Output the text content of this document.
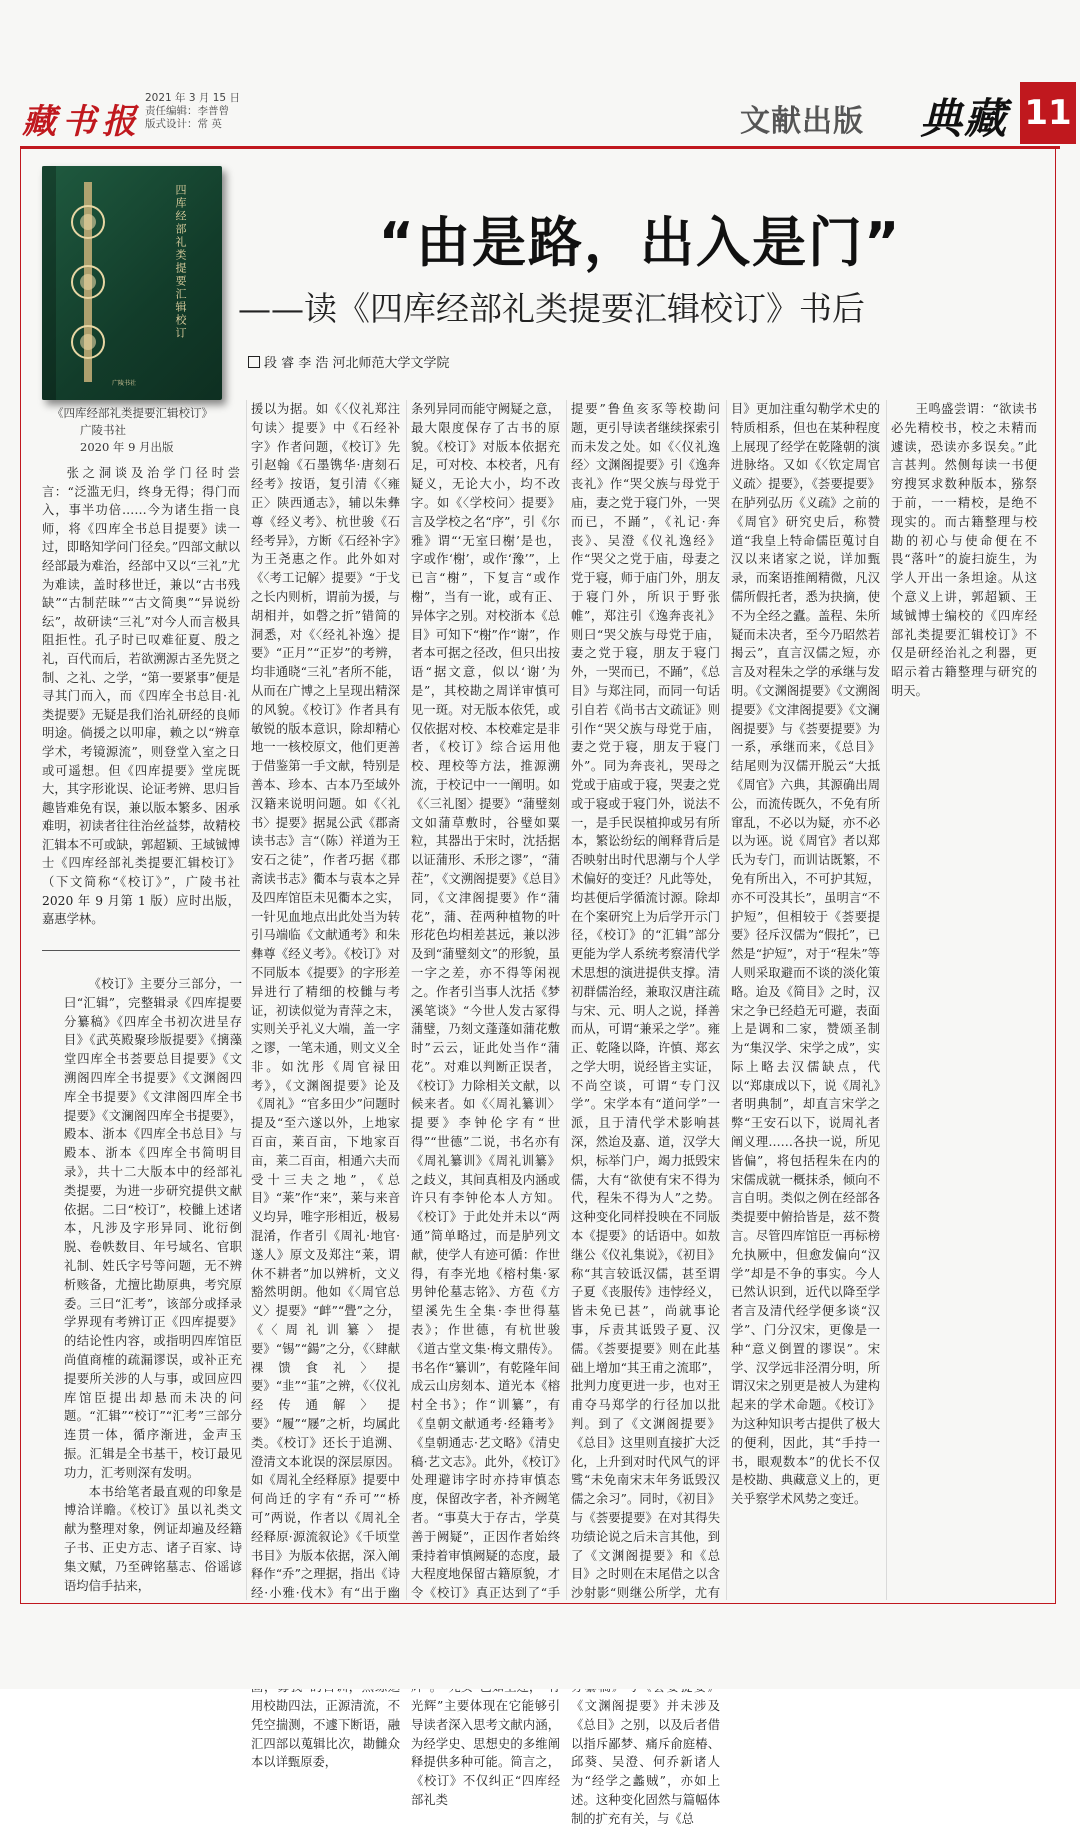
藏书报
2021 年 3 月 15 日
责任编辑：李普曾
版式设计：常 英	文献出版 典藏 11
四库经部礼类提要汇辑校订
广陵书社
“由是路，出入是门”
——读《四库经部礼类提要汇辑校订》书后
段 睿 李 浩 河北师范大学文学院
《四库经部礼类提要汇辑校订》
广陵书社
2020 年 9 月出版
张之洞谈及治学门径时尝言：“泛滥无归，终身无得；得门而入，事半功倍……今为诸生指一良师，将《四库全书总目提要》读一过，即略知学问门径矣。”四部文献以经部最为难治，经部中又以“三礼”尤为难读，盖时移世迁，兼以“古书残缺”“古制茫昧”“古文简奥”“异说纷纭”，故研读“三礼”对今人而言极具阻拒性。孔子时已叹难征夏、殷之礼，百代而后，若欲溯源古圣先贤之制、之礼、之学，“第一要紧事”便是寻其门而入，而《四库全书总目·礼类提要》无疑是我们治礼研经的良师明途。倘援之以叩扉，赖之以“辨章学术，考镜源流”，则登堂入室之日或可遥想。但《四库提要》堂庑既大，其字形讹误、论证考辨、思归旨趣皆难免有误，兼以版本繁多、困承难明，初读者往往治丝益棼，故精校汇辑本不可或缺，郭超颖、王域铖博士《四库经部礼类提要汇辑校订》（下文简称“《校订》”，广陵书社 2020 年 9 月第 1 版）应时出版，嘉惠学林。

《校订》主要分三部分，一曰“汇辑”，完整辑录《四库提要分纂稿》《四库全书初次进呈存目》《武英殿聚珍版提要》《摛藻堂四库全书荟要总目提要》《文溯阁四库全书提要》《文渊阁四库全书提要》《文津阁四库全书提要》《文澜阁四库全书提要》，殿本、浙本《四库全书总目》与殿本、浙本《四库全书简明目录》，共十二大版本中的经部礼类提要，为进一步研究提供文献依据。二曰“校订”，校雠上述诸本，凡涉及字形异同、讹衍倒脱、卷帙数目、年号域名、官职礼制、姓氏字号等问题，无不辨析赅备，尤擅比勘原典，考究原委。三曰“汇考”，该部分或择录学界现有考辨订正《四库提要》的结论性内容，或指明四库馆臣尚值商榷的疏漏谬误，或补正充提要所关涉的人与事，或回应四库馆臣提出却悬而未决的问题。“汇辑”“校订”“汇考”三部分连贯一体，循序渐进，金声玉振。汇辑是全书基干，校订最见功力，汇考则深有发明。

本书给笔者最直观的印象是博洽详瞻。《校订》虽以礼类文献为整理对象，例证却遍及经籍子书、正史方志、诸子百家、诗集文赋，乃至碑铭墓志、俗谣谚语均信手拈来，

援以为据。如《〈仪礼郑注句读〉提要》中《石经补字》作者问题，《校订》先引赵翰《石墨镌华·唐刻石经考》按语，复引清《〈雍正〉陕西通志》，辅以朱彝尊《经义考》、杭世骏《石经考异》，方断《石经补字》为王尧惠之作。此外如对《〈考工记解〉提要》“于戈之长内则析，谓前为援，与胡相并，如磬之折”错简的洞悉，对《〈经礼补逸〉提要》“正月”“正岁”的考辨，均非通晓“三礼”者所不能，从而在广博之上呈现出精深的风貌。《校订》作者具有敏锐的版本意识，除却精心地一一核校原文，他们更善于借鉴第一手文献，特别是善本、珍本、古本乃至域外汉籍来说明问题。如《〈礼书〉提要》据晁公武《郡斋读书志》言“（陈）祥道为王安石之徒”，作者巧据《郡斋读书志》衢本与袁本之异及四库馆臣未见衢本之实，一针见血地点出此处当为转引马端临《文献通考》和朱彝尊《经义考》。《校订》对不同版本《提要》的字形差异进行了精细的校雠与考证，初读似觉为青萍之末，实则关乎礼义大端，盖一字之谬，一笔未通，则文义全非。如沈彤《周官禄田考》，《文渊阁提要》论及《周礼》“官多田少”问题时提及“至六遂以外，上地家百亩，莱百亩，下地家百亩，莱二百亩，相通六夫而受十三夫之地”，《总目》“莱”作“来”，莱与来音义均异，唯字形相近，极易混淆，作者引《周礼·地官·遂人》原文及郑注“莱，谓休不耕者”加以辨析，文义豁然明朗。他如《〈周官总义〉提要》“衅”“舋”之分，《〈周礼训纂〉提要》“锡”“鍚”之分，《〈肆献裸馈食礼〉提要》“韭”“韮”之辨，《〈仪礼经传通解〉提要》“履”“屦”之析，均属此类。《校订》还长于追溯、澄清文本讹误的深层原因。如《周礼全经释原》提要中何尚迁的字有“乔可”“桥可”两说，作者以《周礼全经释原·源流叙论》《千顷堂书目》为版本依据，深入阐释作“乔”之理据，指出《诗经·小雅·伐木》有“出于幽

用校勘四法，正源清流，不凭空揣测，不遽下断语，融汇四部以蒐辑比次，勘雠众本以详甄原委，

条列异同而能守阙疑之意，最大限度保存了古书的原貌。《校订》对版本依据充足，可对校、本校者，凡有疑义，无论大小，均不改字。如《〈学校问〉提要》言及学校之名“序”，引《尔雅》谓“‘无室曰榭’是也，字或作‘榭’，或作‘豫’”，上已言“榭”，下复言“或作榭”，当有一讹，或有正、异体字之别。对校浙本《总目》可知下“榭”作“谢”，作者本可据之径改，但只出按语“据文意，似以‘谢’为是”，其校勘之周详审慎可见一斑。对无版本依凭，或仅依据对校、本校难定是非者，《校订》综合运用他校、理校等方法，推源溯流，于校记中一一阐明。如《〈三礼图〉提要》“蒲璧刻文如蒲草敷时，谷璧如粟粒，其器出于宋时，沈括据以证蒲形、禾形之谬”，“蒲茬”，《文溯阁提要》《总目》同，《文津阁提要》作“蒲花”，蒲、茬两种植物的叶形花色均相差甚远，兼以涉及到“蒲璧刻文”的形貌，虽一字之差，亦不得等闲视之。作者引当事人沈括《梦溪笔谈》“今世人发古冢得蒲璧，乃刻文蓬蓬如蒲花敷时”云云，证此处当作“蒲花”。对难以判断正误者，《校订》力除相关文献，以候来者。如《〈周礼纂训〉提要》李钟伦字有“世得”“世德”二说，书名亦有《周礼纂训》《周礼训纂》之歧义，其间真相及内涵或许只有李钟伦本人方知。《校订》于此处并未以“两通”简单略过，而是胪列文献，使学人有迹可循：作世得，有李光地《榕村集·冢男钟伦墓志铭》、方苞《方望溪先生全集·李世得墓表》；作世德，有杭世骏《道古堂文集·梅文鼎传》。书名作“纂训”，有乾隆年间成云山房刻本、道光本《榕村全书》；作“训纂”，有《皇朝文献通考·经籍考》《皇朝通志·艺文略》《清史稿·艺文志》。此外，《校订》处理避讳字时亦持审慎态度，保留改字者，补齐阙笔者。“事莫大于存古，学莫善于阙疑”，正因作者始终秉持着审慎阙疑的态度，最大程度地保留古籍原貌，才令《校订》真正达到了“手

光辉”主要体现在它能够引导读者深入思考文献内涵，为经学史、思想史的多维阐释提供多种可能。简言之，《校订》不仅纠正“四库经部礼类

提要”鲁鱼亥豕等校勘问题，更引导读者继续探索引而未发之处。如《〈仪礼逸经〉文渊阁提要》引《逸奔丧礼》作“哭父族与母党于庙，妻之党于寝门外，一哭而已，不踊”，《礼记·奔丧》、吴澄《仪礼逸经》作“哭父之党于庙，母妻之党于寝，师于庙门外，朋友于寝门外，所识于野张帷”，郑注引《逸奔丧礼》则曰“哭父族与母党于庙，妻之党于寝，朋友于寝门外，一哭而已，不踊”，《总目》与郑注同，而同一句话引自若《尚书古文疏证》则引作“哭父族与母党于庙，妻之党于寝，朋友于寝门外”。同为奔丧礼，哭母之党或于庙或于寝，哭妻之党或于寝或于寝门外，说法不一，是手民误植抑或另有所本，繁讼纷纭的阐释背后是否映射出时代思潮与个人学术偏好的变迁？凡此等处，均甚便后学循流讨源。除却在个案研究上为后学开示门径，《校订》的“汇辑”部分更能为学人系统考察清代学术思想的演进提供支撑。清初群儒治经，兼取汉唐注疏与宋、元、明人之说，择善而从，可谓“兼采之学”。雍正、乾隆以降，许慎、郑玄之学大明，说经皆主实证，不尚空谈，可谓“专门汉学”。宋学本有“道问学”一派，且于清代学术影响甚深，然迨及嘉、道，汉学大炽，标举门户，竭力抵毁宋儒，大有“欲使有宋不得为代，程朱不得为人”之势。这种变化同样投映在不同版本《提要》的话语中。如敖继公《仪礼集说》，《初目》称“其言较诋汉儒，甚至谓子夏《丧服传》违悖经义，皆未免已甚”，尚就事论事，斥责其诋毁子夏、汉儒。《荟要提要》则在此基础上增加“其王甫之流耶”，批判力度更进一步，也对王甫夺马郑学的行径加以批判。到了《文渊阁提要》《总目》这里则直接扩大泛化，上升到对时代风气的评骘“未免南宋末年务诋毁汉儒之余习”。同时，《初目》与《荟要提要》在对其得失功绩论说之后未言其他，到了《文渊阁提要》和《总目》之时则在末尾借之以含沙射影“则继公所学，尤有 《文渊阁提要》并未涉及《总目》之别，以及后者借以指斥鄙梦、痛斥俞庭椿、邱葵、吴澄、何乔新诸人为“经学之蠡贼”，亦如上述。这种变化固然与篇幅体制的扩充有关，与《总

目》更加注重勾勒学术史的特质相系，但也在某种程度上展现了经学在乾隆朝的演进脉络。又如《〈钦定周官义疏〉提要》，《荟要提要》在胪列弘历《义疏》之前的《周官》研究史后，称赞道“我皇上特命儒臣蒐讨自汉以来诸家之说，详加甄录，而案语推阐精微，凡汉儒所假托者，悉为抉摘，使不为全经之蠹。盖程、朱所疑而未决者，至今乃昭然若揭云”，直言汉儒之短，亦言及对程朱之学的承继与发明。《文渊阁提要》《文溯阁提要》《文津阁提要》《文澜阁提要》与《荟要提要》为一系，承继而来，《总目》结尾则为汉儒开脱云“大抵《周官》六典，其源确出周公，而流传既久，不免有所窜乱，不必以为疑，亦不必以为诬。说《周官》者以郑氏为专门，而训诂既繁，不免有所出入，不可护其短，亦不可没其长”，虽明言“不护短”，但相较于《荟要提要》径斥汉儒为“假托”，已然是“护短”，对于“程朱”等人则采取避而不谈的淡化策略。迨及《简目》之时，汉宋之争已经趋无可避，表面上是调和二家，赞颂圣制为“集汉学、宋学之成”，实际上略去汉儒缺点，代以“郑康成以下，说《周礼》者明典制”，却直言宋学之弊“王安石以下，说周礼者阐义理……各抉一说，所见皆偏”，将包括程朱在内的宋儒成就一概抹杀，倾向不言自明。类似之例在经部各类提要中俯拾皆是，兹不赘言。尽管四库馆臣一再标榜允执厥中，但愈发偏向“汉学”却是不争的事实。今人已然认识到，近代以降至学者言及清代经学便多谈“汉学”、门分汉宋，更像是一种“意义倒置的谬误”。宋学、汉学远非泾渭分明，所谓汉宋之别更是被人为建构起来的学术命题。《校订》为这种知识考古提供了极大的便利，因此，其“手持一书，眼观数本”的优长不仅是校勘、典藏意义上的，更关乎察学术风势之变迁。

王鸣盛尝谓：“欲读书必先精校书，校之未精而遽读，恐读亦多误矣。”此言甚判。然侧每读一书便穷搜冥求数种版本，猕祭于前，一一精校，是绝不现实的。而古籍整理与校勘的初心与使命便在不畏“落叶”的旋扫旋生，为学人开出一条坦途。从这个意义上讲，郭超颖、王域铖博士编校的《四库经部礼类提要汇辑校订》不仅是研经治礼之利器，更昭示着古籍整理与研究的明天。
